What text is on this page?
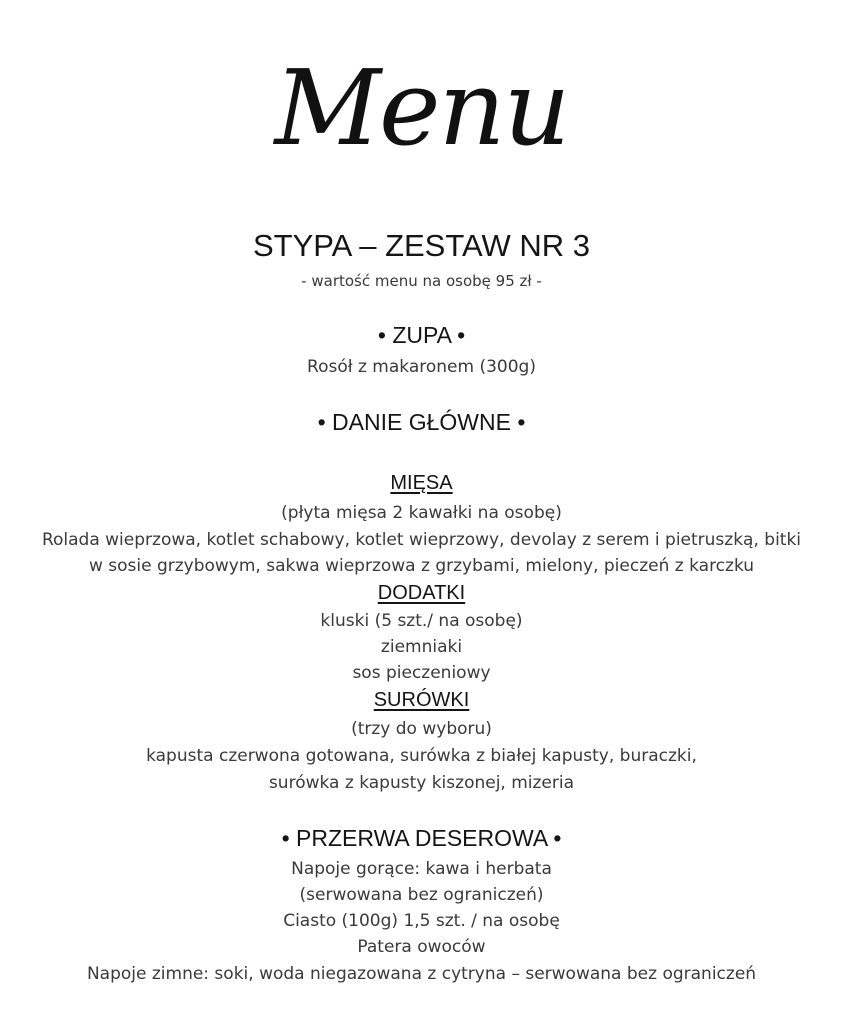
Menu
STYPA – ZESTAW NR 3
- wartość menu na osobę 95 zł -
• ZUPA •
Rosół z makaronem (300g)
• DANIE GŁÓWNE •
MIĘSA
(płyta mięsa 2 kawałki na osobę)
Rolada wieprzowa, kotlet schabowy, kotlet wieprzowy, devolay z serem i pietruszką, bitki
w sosie grzybowym, sakwa wieprzowa z grzybami, mielony, pieczeń z karczku
DODATKI
kluski (5 szt./ na osobę)
ziemniaki
sos pieczeniowy
SURÓWKI
(trzy do wyboru)
kapusta czerwona gotowana, surówka z białej kapusty, buraczki,
surówka z kapusty kiszonej, mizeria
• PRZERWA DESEROWA •
Napoje gorące: kawa i herbata
(serwowana bez ograniczeń)
Ciasto (100g) 1,5 szt. / na osobę
Patera owoców
Napoje zimne: soki, woda niegazowana z cytryna – serwowana bez ograniczeń
